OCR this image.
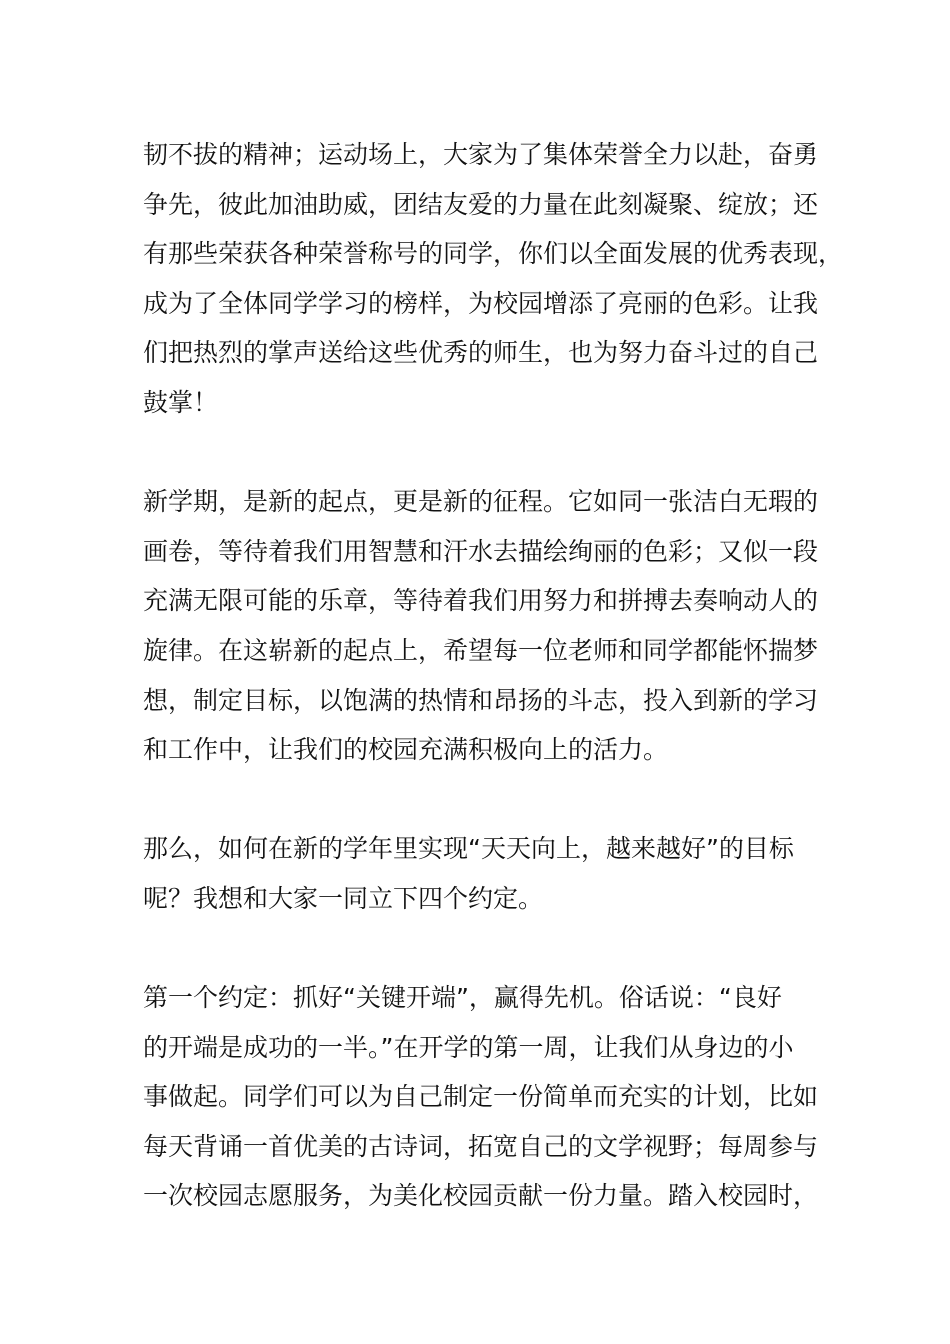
韧不拔的精神；运动场上，大家为了集体荣誉全力以赴，奋勇
争先，彼此加油助威，团结友爱的力量在此刻凝聚、绽放；还
有那些荣获各种荣誉称号的同学，你们以全面发展的优秀表现，
成为了全体同学学习的榜样，为校园增添了亮丽的色彩。让我
们把热烈的掌声送给这些优秀的师生，也为努力奋斗过的自己
鼓掌！
新学期，是新的起点，更是新的征程。它如同一张洁白无瑕的
画卷，等待着我们用智慧和汗水去描绘绚丽的色彩；又似一段
充满无限可能的乐章，等待着我们用努力和拼搏去奏响动人的
旋律。在这崭新的起点上，希望每一位老师和同学都能怀揣梦
想，制定目标，以饱满的热情和昂扬的斗志，投入到新的学习
和工作中，让我们的校园充满积极向上的活力。
那么，如何在新的学年里实现“天天向上，越来越好”的目标
呢？我想和大家一同立下四个约定。
第一个约定：抓好“关键开端”，赢得先机。俗话说：“良好
的开端是成功的一半。”在开学的第一周，让我们从身边的小
事做起。同学们可以为自己制定一份简单而充实的计划，比如
每天背诵一首优美的古诗词，拓宽自己的文学视野；每周参与
一次校园志愿服务，为美化校园贡献一份力量。踏入校园时，
